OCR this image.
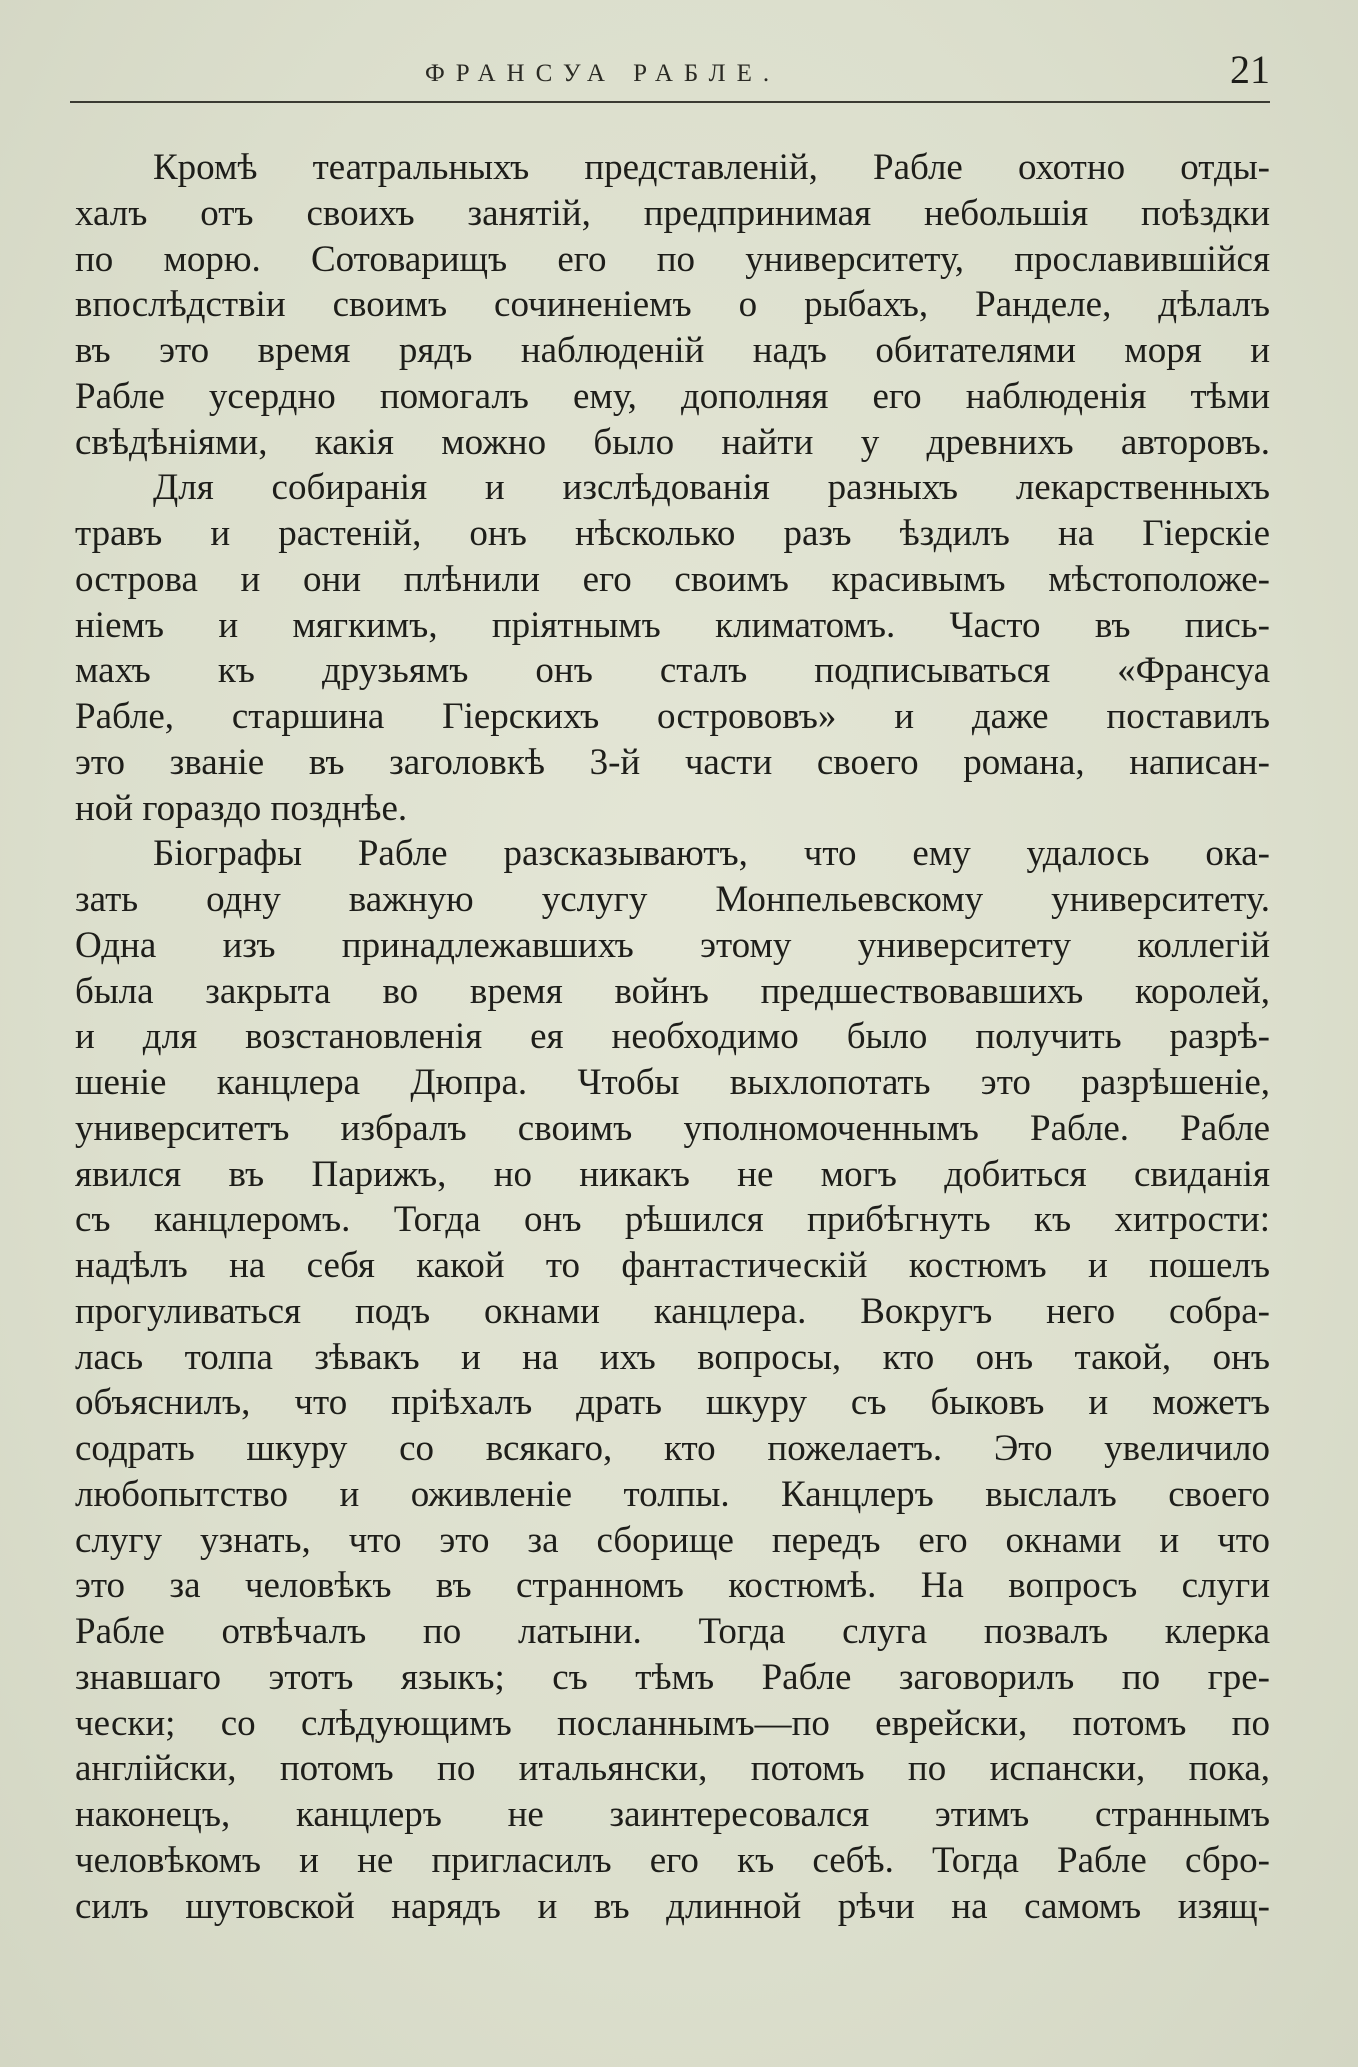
ФРАНСУА РАБЛЕ.	21
Кромѣ театральныхъ представленій, Рабле охотно отды-
халъ отъ своихъ занятій, предпринимая небольшія поѣздки
по морю. Сотоварищъ его по университету, прославившійся
впослѣдствіи своимъ сочиненіемъ о рыбахъ, Ранделе, дѣлалъ
въ это время рядъ наблюденій надъ обитателями моря и
Рабле усердно помогалъ ему, дополняя его наблюденія тѣми
свѣдѣніями, какія можно было найти у древнихъ авторовъ.
Для собиранія и изслѣдованія разныхъ лекарственныхъ
травъ и растеній, онъ нѣсколько разъ ѣздилъ на Гіерскіе
острова и они плѣнили его своимъ красивымъ мѣстоположе-
ніемъ и мягкимъ, пріятнымъ климатомъ. Часто въ пись-
махъ къ друзьямъ онъ сталъ подписываться «Франсуа
Рабле, старшина Гіерскихъ острововъ» и даже поставилъ
это званіе въ заголовкѣ 3-й части своего романа, написан-
ной гораздо позднѣе.
Біографы Рабле разсказываютъ, что ему удалось ока-
зать одну важную услугу Монпельевскому университету.
Одна изъ принадлежавшихъ этому университету коллегій
была закрыта во время войнъ предшествовавшихъ королей,
и для возстановленія ея необходимо было получить разрѣ-
шеніе канцлера Дюпра. Чтобы выхлопотать это разрѣшеніе,
университетъ избралъ своимъ уполномоченнымъ Рабле. Рабле
явился въ Парижъ, но никакъ не могъ добиться свиданія
съ канцлеромъ. Тогда онъ рѣшился прибѣгнуть къ хитрости:
надѣлъ на себя какой то фантастическій костюмъ и пошелъ
прогуливаться подъ окнами канцлера. Вокругъ него собра-
лась толпа зѣвакъ и на ихъ вопросы, кто онъ такой, онъ
объяснилъ, что пріѣхалъ драть шкуру съ быковъ и можетъ
содрать шкуру со всякаго, кто пожелаетъ. Это увеличило
любопытство и оживленіе толпы. Канцлеръ выслалъ своего
слугу узнать, что это за сборище передъ его окнами и что
это за человѣкъ въ странномъ костюмѣ. На вопросъ слуги
Рабле отвѣчалъ по латыни. Тогда слуга позвалъ клерка
знавшаго этотъ языкъ; съ тѣмъ Рабле заговорилъ по гре-
чески; со слѣдующимъ посланнымъ—по еврейски, потомъ по
англійски, потомъ по итальянски, потомъ по испански, пока,
наконецъ, канцлеръ не заинтересовался этимъ страннымъ
человѣкомъ и не пригласилъ его къ себѣ. Тогда Рабле сбро-
силъ шутовской нарядъ и въ длинной рѣчи на самомъ изящ-
